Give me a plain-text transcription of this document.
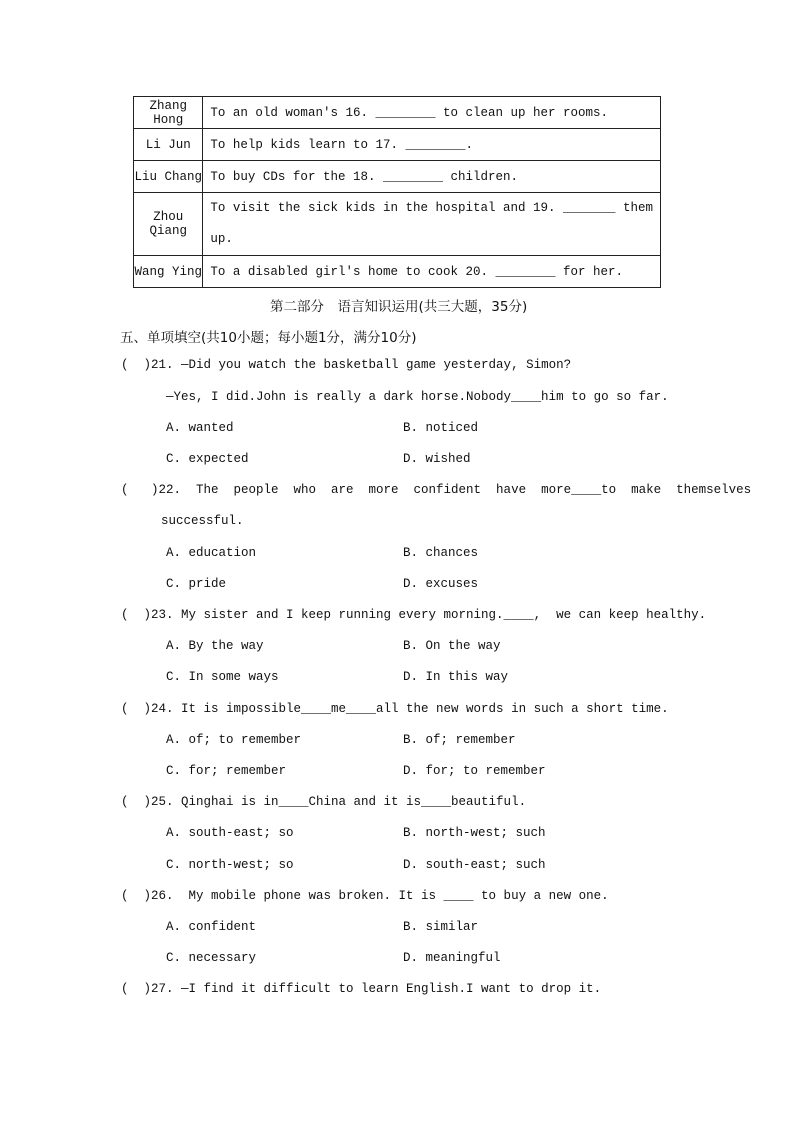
Zhang Hong	To an old woman's 16. ________ to clean up her rooms.
Li Jun	To help kids learn to 17. ________.
Liu Chang	To buy CDs for the 18. ________ children.
Zhou Qiang	To visit the sick kids in the hospital and 19. _______ them
up.

Wang Ying	To a disabled girl's home to cook 20. ________ for her.
第二部分　语言知识运用(共三大题，35分)
五、单项填空(共10小题；每小题1分，满分10分)
(  )21. —Did you watch the basketball game yesterday, Simon?
—Yes, I did.John is really a dark horse.Nobody____him to go so far.
A. wanted	B. noticed
C. expected	D. wished
(   )22.  The  people  who  are  more  confident  have  more____to  make  themselves
successful.
A. education	B. chances
C. pride	D. excuses
(  )23. My sister and I keep running every morning.____,  we can keep healthy.
A. By the way	B. On the way
C. In some ways	D. In this way
(  )24. It is impossible____me____all the new words in such a short time.
A. of; to remember	B. of; remember
C. for; remember	D. for; to remember
(  )25. Qinghai is in____China and it is____beautiful.
A. south-east; so	B. north-west; such
C. north-west; so	D. south-east; such
(  )26.  My mobile phone was broken. It is ____ to buy a new one.
A. confident	B. similar
C. necessary	D. meaningful
(  )27. —I find it difficult to learn English.I want to drop it.
